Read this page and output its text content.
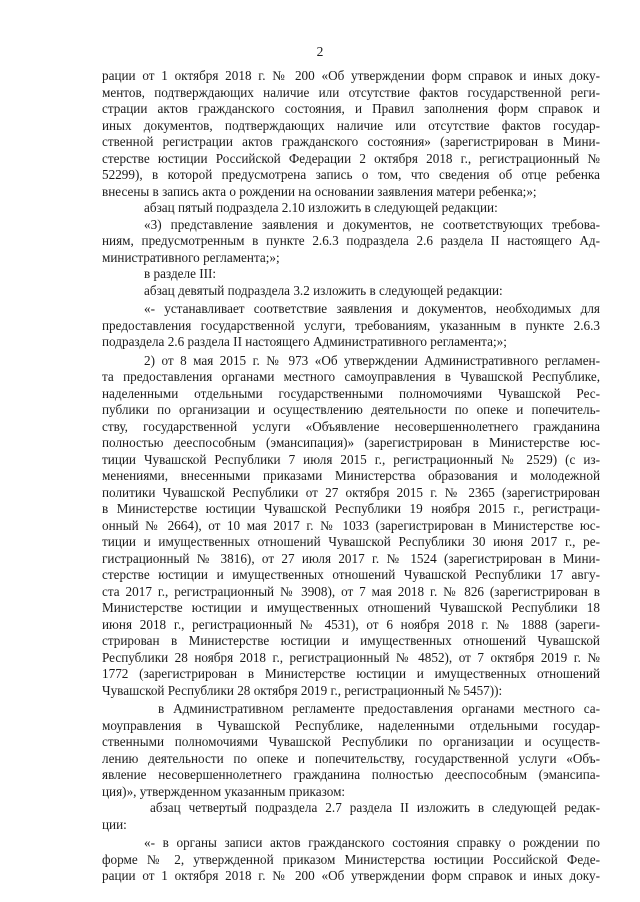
2
рации от 1 октября 2018 г. № 200 «Об утверждении форм справок и иных доку-
ментов, подтверждающих наличие или отсутствие фактов государственной реги-
страции актов гражданского состояния, и Правил заполнения форм справок и
иных документов, подтверждающих наличие или отсутствие фактов государ-
ственной регистрации актов гражданского состояния» (зарегистрирован в Мини-
стерстве юстиции Российской Федерации 2 октября 2018 г., регистрационный №
52299), в которой предусмотрена запись о том, что сведения об отце ребенка
внесены в запись акта о рождении на основании заявления матери ребенка;»;
абзац пятый подраздела 2.10 изложить в следующей редакции:
«3) представление заявления и документов, не соответствующих требова-
ниям, предусмотренным в пункте 2.6.3 подраздела 2.6 раздела II настоящего Ад-
министративного регламента;»;
в разделе III:
абзац девятый подраздела 3.2 изложить в следующей редакции:
«- устанавливает соответствие заявления и документов, необходимых для
предоставления государственной услуги, требованиям, указанным в пункте 2.6.3
подраздела 2.6 раздела II настоящего Административного регламента;»;
2) от 8 мая 2015 г. № 973 «Об утверждении Административного регламен-
та предоставления органами местного самоуправления в Чувашской Республике,
наделенными отдельными государственными полномочиями Чувашской Рес-
публики по организации и осуществлению деятельности по опеке и попечитель-
ству, государственной услуги «Объявление несовершеннолетнего гражданина
полностью дееспособным (эмансипация)» (зарегистрирован в Министерстве юс-
тиции Чувашской Республики 7 июля 2015 г., регистрационный № 2529) (с из-
менениями, внесенными приказами Министерства образования и молодежной
политики Чувашской Республики от 27 октября 2015 г. № 2365 (зарегистрирован
в Министерстве юстиции Чувашской Республики 19 ноября 2015 г., регистраци-
онный № 2664), от 10 мая 2017 г. № 1033 (зарегистрирован в Министерстве юс-
тиции и имущественных отношений Чувашской Республики 30 июня 2017 г., ре-
гистрационный № 3816), от 27 июля 2017 г. № 1524 (зарегистрирован в Мини-
стерстве юстиции и имущественных отношений Чувашской Республики 17 авгу-
ста 2017 г., регистрационный № 3908), от 7 мая 2018 г. № 826 (зарегистрирован в
Министерстве юстиции и имущественных отношений Чувашской Республики 18
июня 2018 г., регистрационный № 4531), от 6 ноября 2018 г. № 1888 (зареги-
стрирован в Министерстве юстиции и имущественных отношений Чувашской
Республики 28 ноября 2018 г., регистрационный № 4852), от 7 октября 2019 г. №
1772 (зарегистрирован в Министерстве юстиции и имущественных отношений
Чувашской Республики 28 октября 2019 г., регистрационный № 5457)):
в Административном регламенте предоставления органами местного са-
моуправления в Чувашской Республике, наделенными отдельными государ-
ственными полномочиями Чувашской Республики по организации и осуществ-
лению деятельности по опеке и попечительству, государственной услуги «Объ-
явление несовершеннолетнего гражданина полностью дееспособным (эмансипа-
ция)», утвержденном указанным приказом:
абзац четвертый подраздела 2.7 раздела II изложить в следующей редак-
ции:
«- в органы записи актов гражданского состояния справку о рождении по
форме № 2, утвержденной приказом Министерства юстиции Российской Феде-
рации от 1 октября 2018 г. № 200 «Об утверждении форм справок и иных доку-
